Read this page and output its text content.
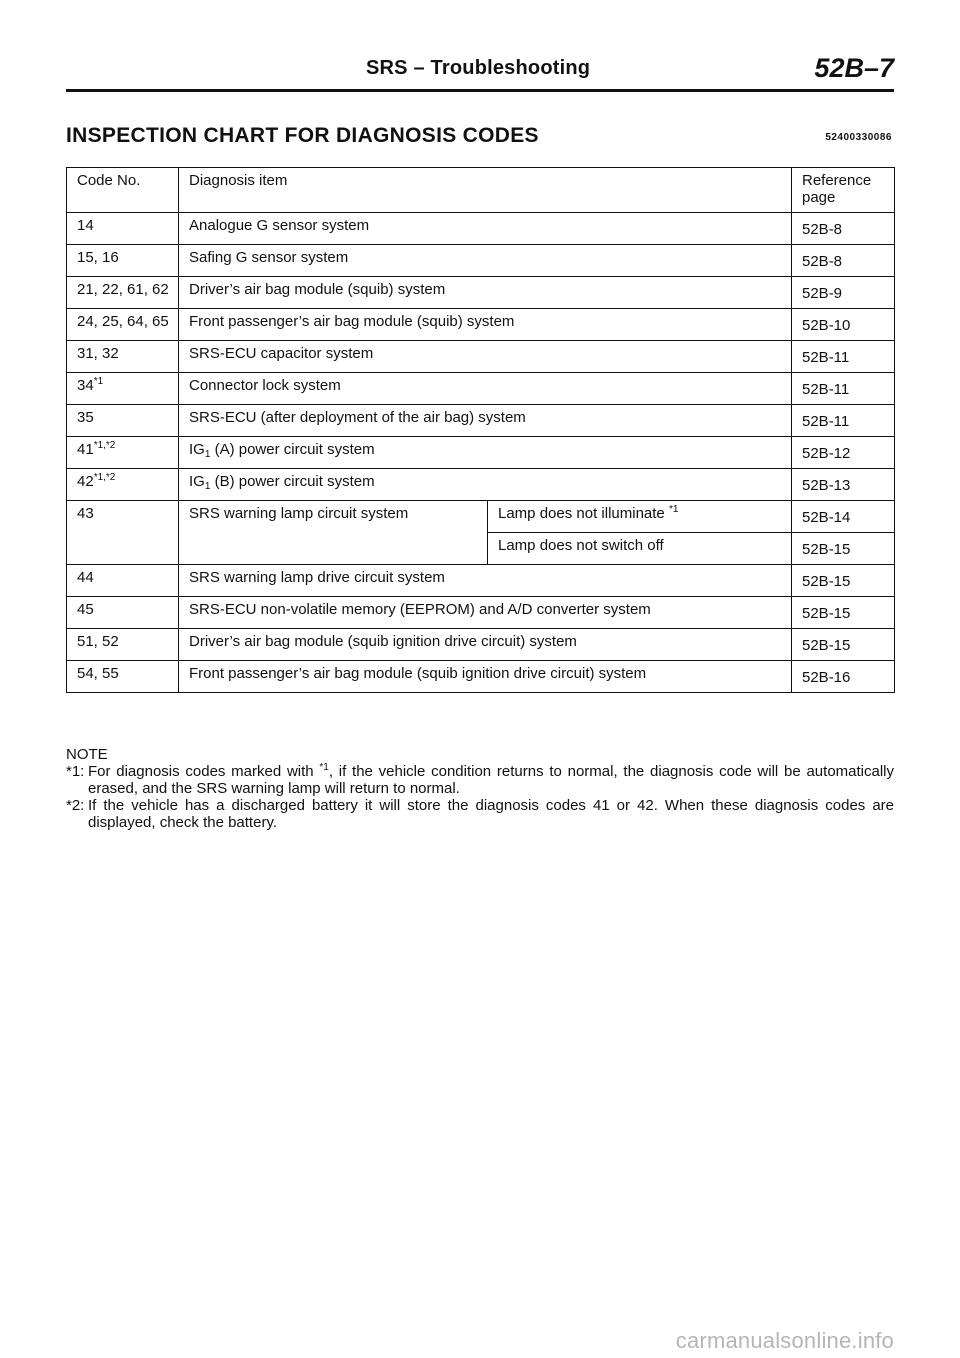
SRS – Troubleshooting	52B–7
INSPECTION CHART FOR DIAGNOSIS CODES	52400330086
Code No.	Diagnosis item		Reference page
14	Analogue G sensor system		52B-8
15, 16	Safing G sensor system		52B-8
21, 22, 61, 62	Driver’s air bag module (squib) system		52B-9
24, 25, 64, 65	Front passenger’s air bag module (squib) system		52B-10
31, 32	SRS-ECU capacitor system		52B-11
34$^{*1}$	Connector lock system		52B-11
35	SRS-ECU (after deployment of the air bag) system		52B-11
$41^{*1,*2}$	$IG_1$ (A) power circuit system		52B-12
$42^{*1,*2}$	$IG_1$ (B) power circuit system		52B-13
43	SRS warning lamp circuit system	Lamp does not illuminate $^{*1}$	52B-14
		Lamp does not switch off	52B-15
44	SRS warning lamp drive circuit system		52B-15
45	SRS-ECU non-volatile memory (EEPROM) and A/D converter system		52B-15
51, 52	Driver’s air bag module (squib ignition drive circuit) system		52B-15
54, 55	Front passenger’s air bag module (squib ignition drive circuit) system		52B-16
NOTE
*1: For diagnosis codes marked with $^{*1}$, if the vehicle condition returns to normal, the diagnosis code will be automatically erased, and the SRS warning lamp will return to normal.
*2: If the vehicle has a discharged battery it will store the diagnosis codes 41 or 42. When these diagnosis codes are displayed, check the battery.
carmanualsonline.info
